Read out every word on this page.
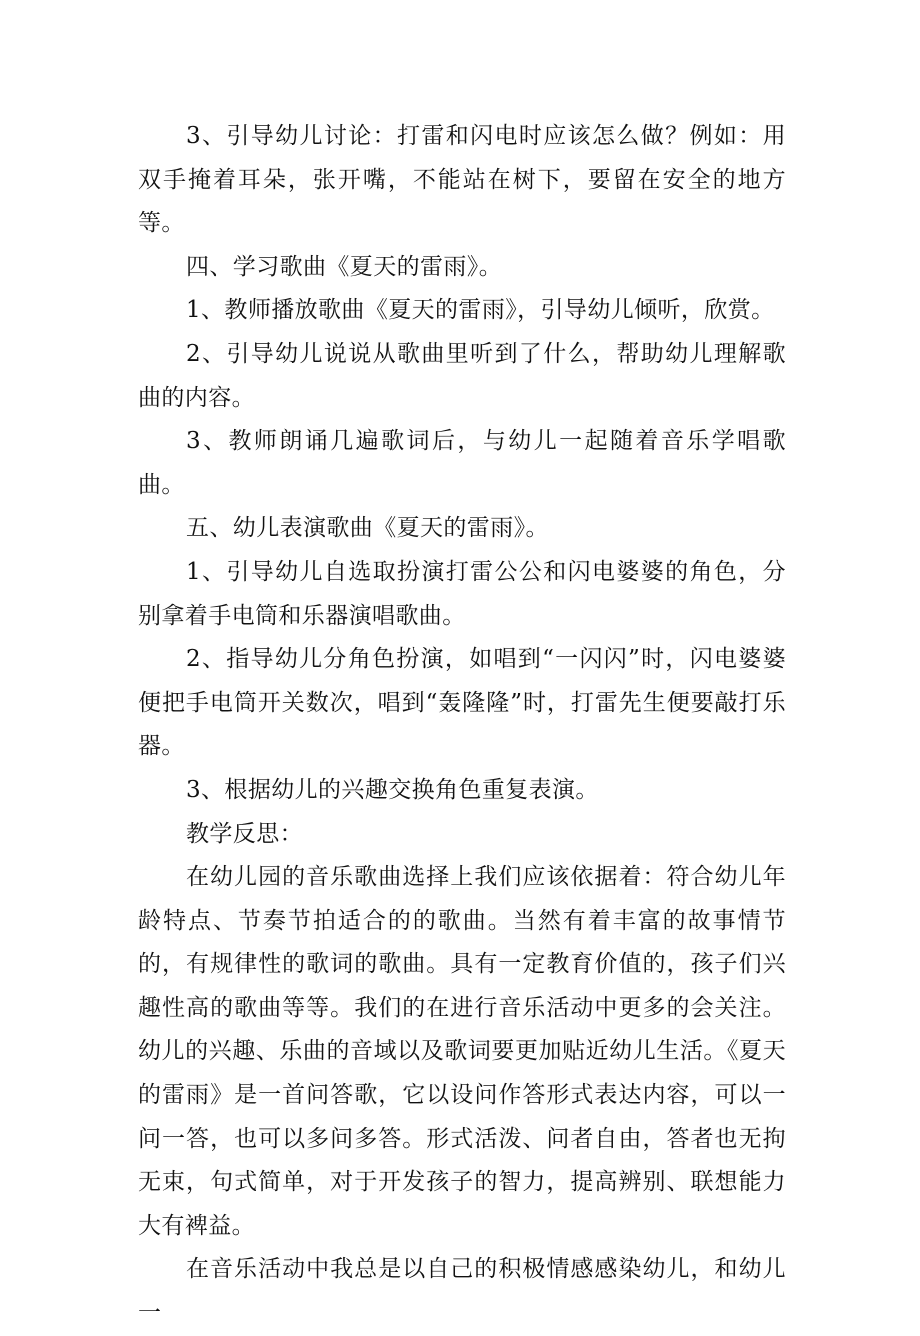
3、引导幼儿讨论：打雷和闪电时应该怎么做？例如：用双手掩着耳朵，张开嘴，不能站在树下，要留在安全的地方等。

四、学习歌曲《夏天的雷雨》。

1、教师播放歌曲《夏天的雷雨》，引导幼儿倾听，欣赏。

2、引导幼儿说说从歌曲里听到了什么，帮助幼儿理解歌曲的内容。

3、教师朗诵几遍歌词后，与幼儿一起随着音乐学唱歌曲。

五、幼儿表演歌曲《夏天的雷雨》。

1、引导幼儿自选取扮演打雷公公和闪电婆婆的角色，分别拿着手电筒和乐器演唱歌曲。

2、指导幼儿分角色扮演，如唱到“一闪闪”时，闪电婆婆便把手电筒开关数次，唱到“轰隆隆”时，打雷先生便要敲打乐器。

3、根据幼儿的兴趣交换角色重复表演。

教学反思：

在幼儿园的音乐歌曲选择上我们应该依据着：符合幼儿年龄特点、节奏节拍适合的的歌曲。当然有着丰富的故事情节的，有规律性的歌词的歌曲。具有一定教育价值的，孩子们兴趣性高的歌曲等等。我们的在进行音乐活动中更多的会关注。幼儿的兴趣、乐曲的音域以及歌词要更加贴近幼儿生活。《夏天的雷雨》是一首问答歌，它以设问作答形式表达内容，可以一问一答，也可以多问多答。形式活泼、问者自由，答者也无拘无束，句式简单，对于开发孩子的智力，提高辨别、联想能力大有裨益。

在音乐活动中我总是以自己的积极情感感染幼儿，和幼儿一
